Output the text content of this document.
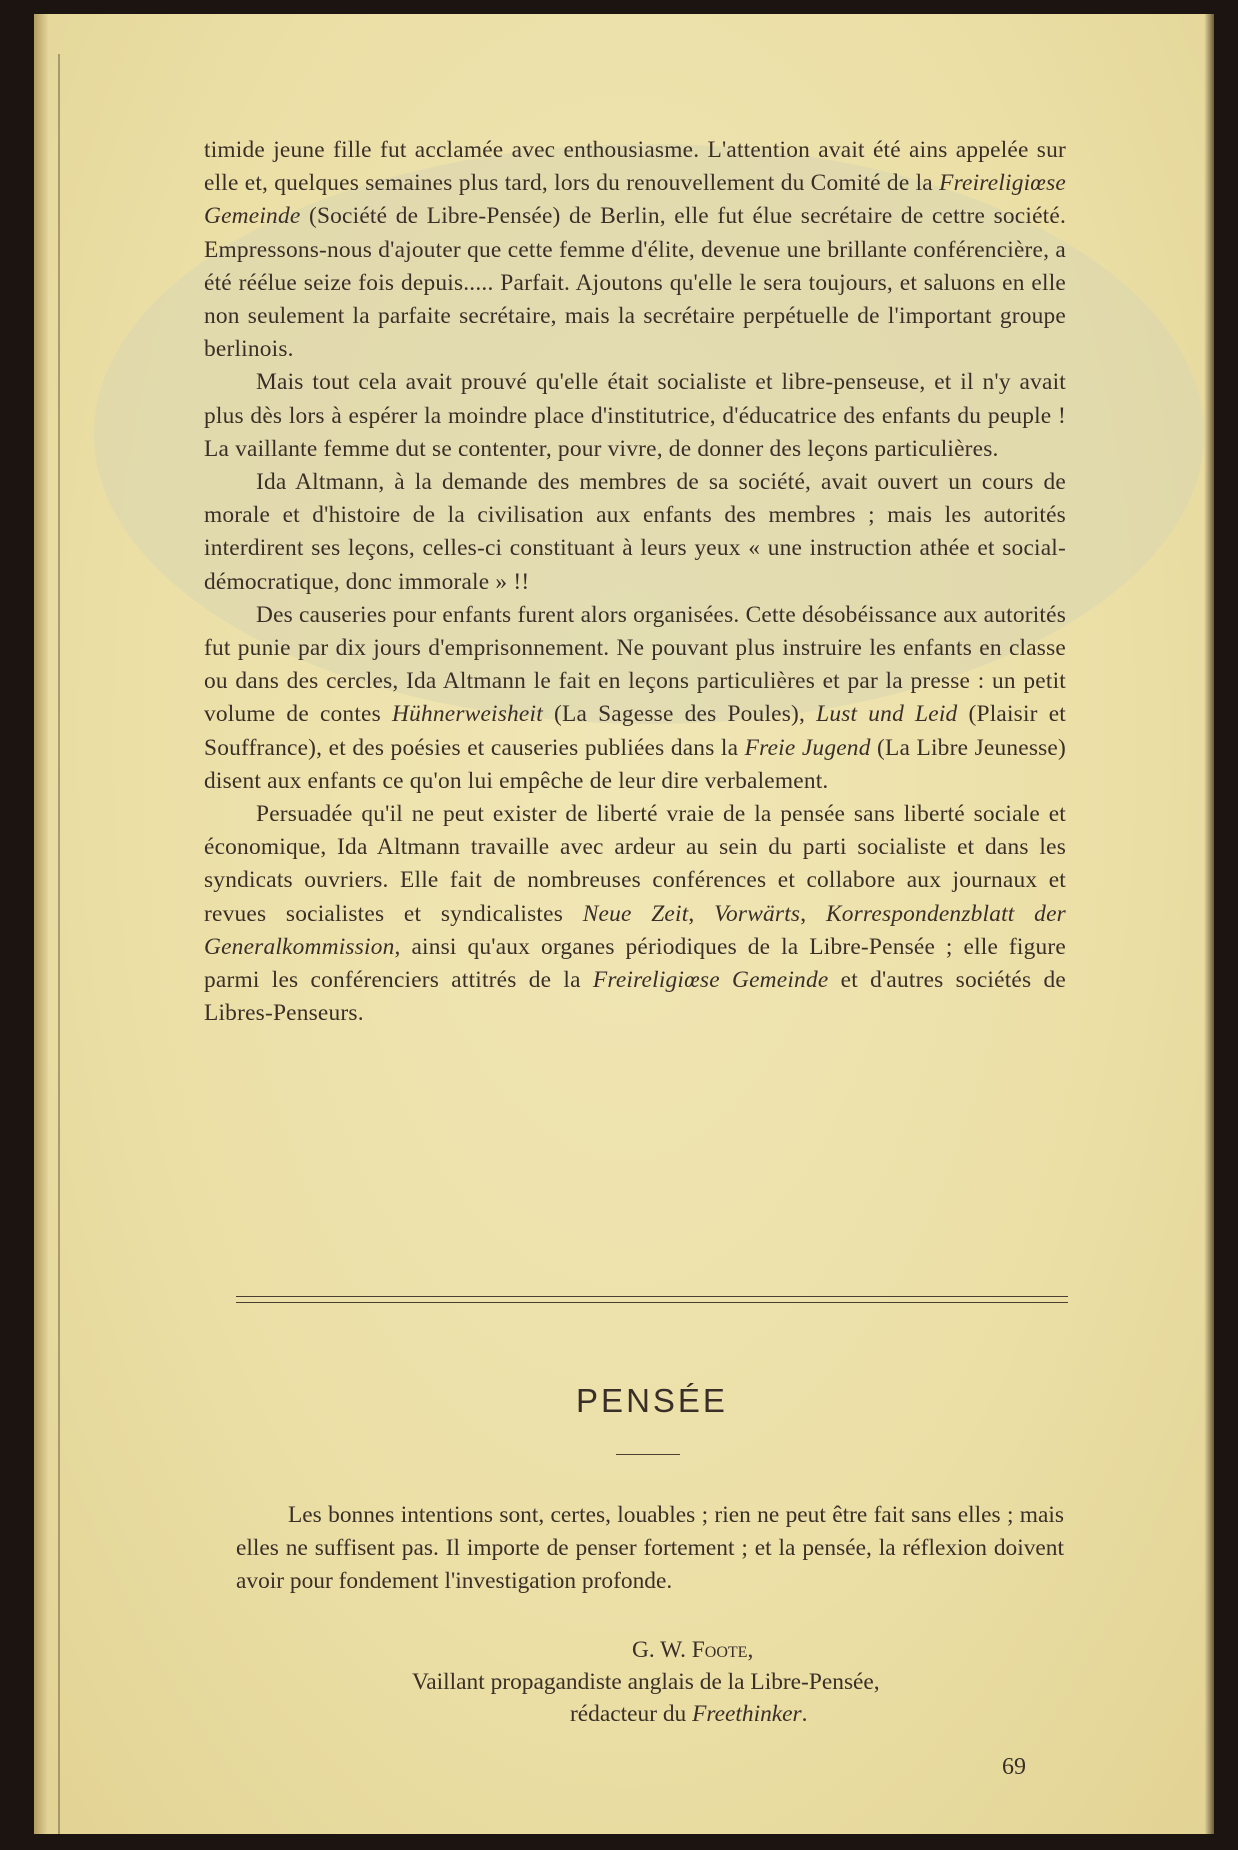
timide jeune fille fut acclamée avec enthousiasme. L'attention avait été ains appelée sur elle et, quelques semaines plus tard, lors du renouvellement du Comité de la Freireligiœse Gemeinde (Société de Libre-Pensée) de Berlin, elle fut élue secrétaire de cettre société. Empressons-nous d'ajouter que cette femme d'élite, devenue une brillante conférencière, a été réélue seize fois depuis..... Parfait. Ajoutons qu'elle le sera toujours, et saluons en elle non seulement la parfaite secrétaire, mais la secrétaire perpétuelle de l'important groupe berlinois.

Mais tout cela avait prouvé qu'elle était socialiste et libre-penseuse, et il n'y avait plus dès lors à espérer la moindre place d'institutrice, d'éducatrice des enfants du peuple ! La vaillante femme dut se contenter, pour vivre, de donner des leçons particulières.

Ida Altmann, à la demande des membres de sa société, avait ouvert un cours de morale et d'histoire de la civilisation aux enfants des membres ; mais les autorités interdirent ses leçons, celles-ci constituant à leurs yeux « une instruction athée et social-démocratique, donc immorale » !!

Des causeries pour enfants furent alors organisées. Cette désobéissance aux autorités fut punie par dix jours d'emprisonnement. Ne pouvant plus instruire les enfants en classe ou dans des cercles, Ida Altmann le fait en leçons particulières et par la presse : un petit volume de contes Hühnerweisheit (La Sagesse des Poules), Lust und Leid (Plaisir et Souffrance), et des poésies et causeries publiées dans la Freie Jugend (La Libre Jeunesse) disent aux enfants ce qu'on lui empêche de leur dire verbalement.

Persuadée qu'il ne peut exister de liberté vraie de la pensée sans liberté sociale et économique, Ida Altmann travaille avec ardeur au sein du parti socialiste et dans les syndicats ouvriers. Elle fait de nombreuses conférences et collabore aux journaux et revues socialistes et syndicalistes Neue Zeit, Vorwärts, Korrespondenzblatt der Generalkommission, ainsi qu'aux organes périodiques de la Libre-Pensée ; elle figure parmi les conférenciers attitrés de la Freireligiœse Gemeinde et d'autres sociétés de Libres-Penseurs.

PENSÉE
Les bonnes intentions sont, certes, louables ; rien ne peut être fait sans elles ; mais elles ne suffisent pas. Il importe de penser fortement ; et la pensée, la réflexion doivent avoir pour fondement l'investigation profonde.
G. W. Foote,
Vaillant propagandiste anglais de la Libre-Pensée,
rédacteur du Freethinker.
69
